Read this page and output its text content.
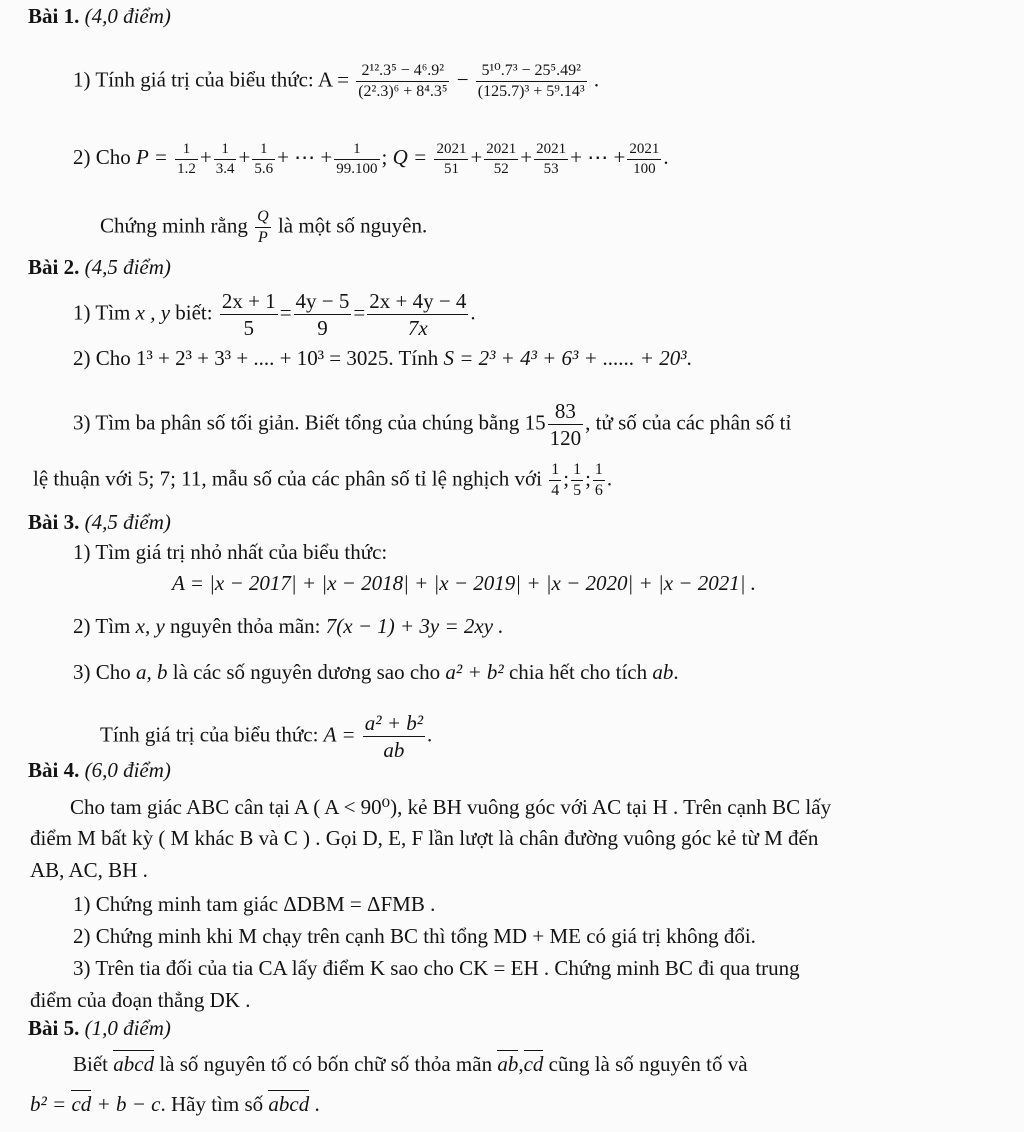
Bài 1. (4,0 điểm)
1) Tính giá trị của biểu thức: $A = \frac{\text{2¹².3⁵ − 4⁶.9²}}{\text{(2².3)⁶ + 8⁴.3⁵}} - \frac{\text{5¹⁰.7³ − 25⁵.49²}}{\text{(125.7)³ + 5⁹.14³}}$ .
2) Cho $P = \frac{1}{1.2} + \frac{1}{3.4} + \frac{1}{5.6}$ + ⋯ + $\frac{1}{99.100}$ ; $Q = \frac{2021}{51} + \frac{2021}{52} + \frac{2021}{53}$ + ⋯ + $\frac{2021}{100}$ .
Chứng minh rằng $\frac{Q}{P}$ là một số nguyên.
Bài 2. (4,5 điểm)
1) Tìm x , y biết: $\frac{2x + 1}{5} = \frac{4y - 5}{9} = \frac{2x + 4y - 4}{7x}$ .
2) Cho 1³ + 2³ + 3³ + .... + 10³ = 3025. Tính S = 2³ + 4³ + 6³ + ...... + 20³.
3) Tìm ba phân số tối giản. Biết tổng của chúng bằng $15 \frac{83}{120}$ , tử số của các phân số tỉ
lệ thuận với 5; 7; 11, mẫu số của các phân số tỉ lệ nghịch với $\frac{1}{4}$ ; $\frac{1}{5}$ ; $\frac{1}{6}$ .
Bài 3. (4,5 điểm)
1) Tìm giá trị nhỏ nhất của biểu thức:
A = |x − 2017| + |x − 2018| + |x − 2019| + |x − 2020| + |x − 2021| .
2) Tìm x, y nguyên thỏa mãn: 7(x − 1) + 3y = 2xy .
3) Cho a, b là các số nguyên dương sao cho a² + b² chia hết cho tích ab.
Tính giá trị của biểu thức: $A = \frac{\text{a² + b²}}{ab}$ .
Bài 4. (6,0 điểm)
Cho tam giác ABC cân tại A ( A < 90⁰), kẻ BH vuông góc với AC tại H . Trên cạnh BC lấy
điểm M bất kỳ ( M khác B và C ) . Gọi D, E, F lần lượt là chân đường vuông góc kẻ từ M đến
AB, AC, BH .
1) Chứng minh tam giác ΔDBM = ΔFMB .
2) Chứng minh khi M chạy trên cạnh BC thì tổng MD + ME có giá trị không đổi.
3) Trên tia đối của tia CA lấy điểm K sao cho CK = EH . Chứng minh BC đi qua trung
điểm của đoạn thẳng DK .
Bài 5. (1,0 điểm)
Biết abcd là số nguyên tố có bốn chữ số thỏa mãn ab,cd cũng là số nguyên tố và
b² = cd + b − c. Hãy tìm số abcd .
